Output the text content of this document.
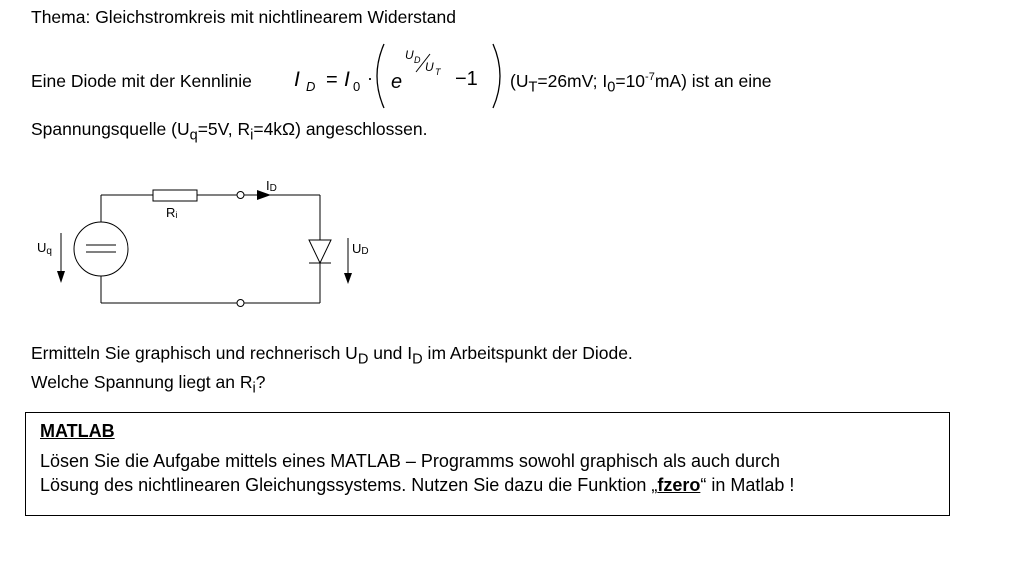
Thema: Gleichstromkreis mit nichtlinearem Widerstand
Eine Diode mit der Kennlinie I D = I 0 · e
U D U T −1 ($U_T=26mV$; $I_0=10^{-7}mA$) ist an eine
Spannungsquelle ($U_q=5V$, $R_i=4k\Omega$) angeschlossen.
Ri
ID
Uq	UD
Ermitteln Sie graphisch und rechnerisch $U_D$ und $I_D$ im Arbeitspunkt der Diode.
Welche Spannung liegt an $R_i$?
MATLAB
Lösen Sie die Aufgabe mittels eines MATLAB – Programms sowohl graphisch als auch durch
Lösung des nichtlinearen Gleichungssystems. Nutzen Sie dazu die Funktion „fzero“ in Matlab !
